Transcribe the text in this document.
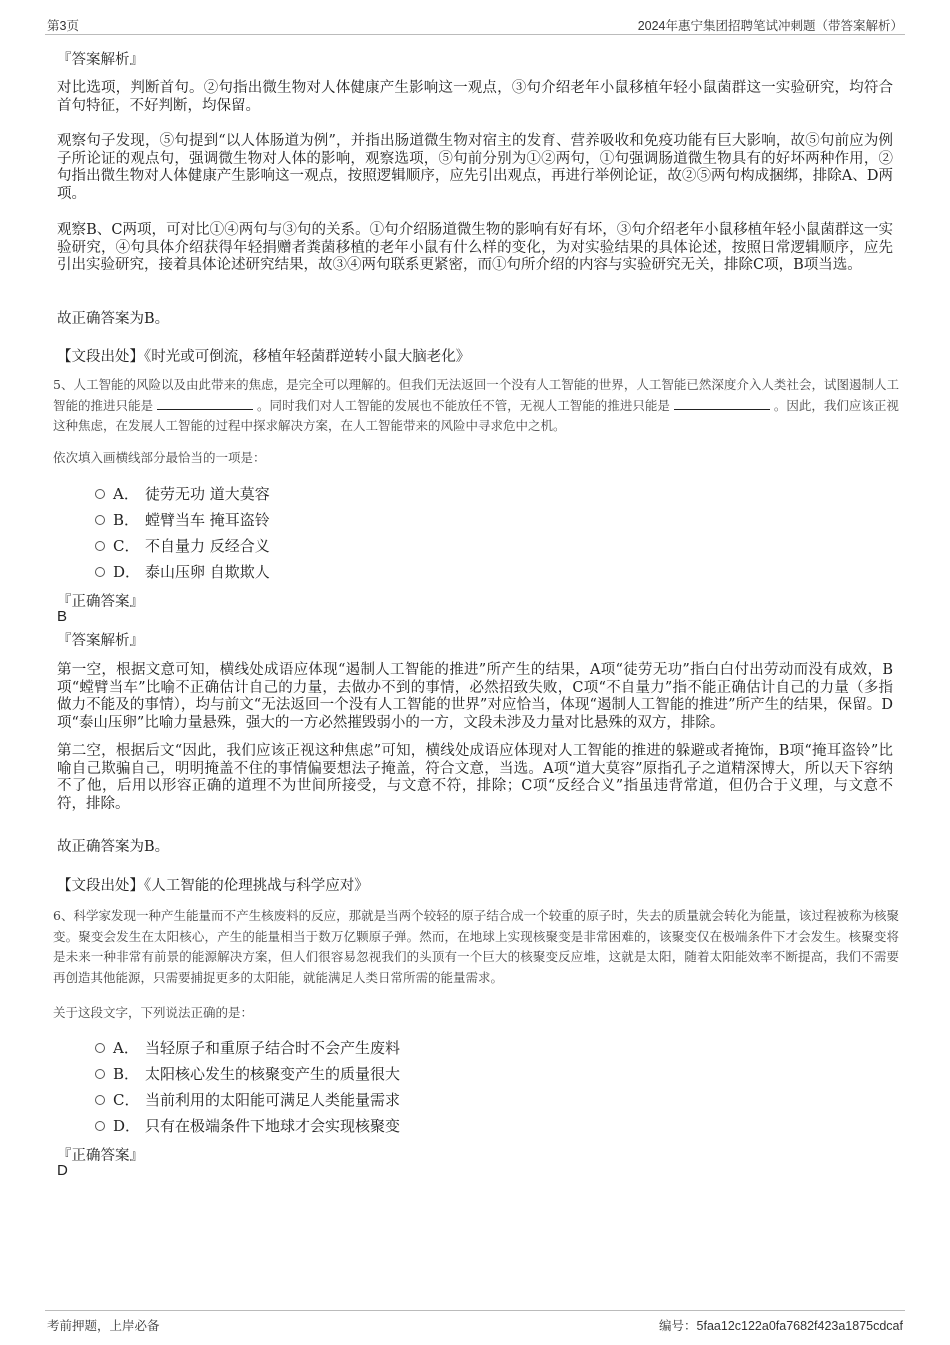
第3页	2024年惠宁集团招聘笔试冲刺题（带答案解析）
『答案解析』
对比选项，判断首句。②句指出微生物对人体健康产生影响这一观点，③句介绍老年小鼠移植年轻小鼠菌群这一实验研究，均符合首句特征，不好判断，均保留。
观察句子发现，⑤句提到“以人体肠道为例”，并指出肠道微生物对宿主的发育、营养吸收和免疫功能有巨大影响，故⑤句前应为例子所论证的观点句，强调微生物对人体的影响，观察选项，⑤句前分别为①②两句，①句强调肠道微生物具有的好坏两种作用，②句指出微生物对人体健康产生影响这一观点，按照逻辑顺序，应先引出观点，再进行举例论证，故②⑤两句构成捆绑，排除A、D两项。
观察B、C两项，可对比①④两句与③句的关系。①句介绍肠道微生物的影响有好有坏，③句介绍老年小鼠移植年轻小鼠菌群这一实验研究，④句具体介绍获得年轻捐赠者粪菌移植的老年小鼠有什么样的变化，为对实验结果的具体论述，按照日常逻辑顺序，应先引出实验研究，接着具体论述研究结果，故③④两句联系更紧密，而①句所介绍的内容与实验研究无关，排除C项，B项当选。
故正确答案为B。
【文段出处】《时光或可倒流，移植年轻菌群逆转小鼠大脑老化》
5、人工智能的风险以及由此带来的焦虑，是完全可以理解的。但我们无法返回一个没有人工智能的世界，人工智能已然深度介入人类社会，试图遏制人工智能的推进只能是	。同时我们对人工智能的发展也不能放任不管，无视人工智能的推进只能是	。因此，我们应该正视这种焦虑，在发展人工智能的过程中探求解决方案，在人工智能带来的风险中寻求危中之机。
依次填入画横线部分最恰当的一项是：
A． 徒劳无功 道大莫容
B． 螳臂当车 掩耳盗铃
C． 不自量力 反经合义
D． 泰山压卵 自欺欺人
『正确答案』
B
『答案解析』
第一空，根据文意可知，横线处成语应体现“遏制人工智能的推进”所产生的结果，A项“徒劳无功”指白白付出劳动而没有成效，B项“螳臂当车”比喻不正确估计自己的力量，去做办不到的事情，必然招致失败，C项“不自量力”指不能正确估计自己的力量（多指做力不能及的事情），均与前文“无法返回一个没有人工智能的世界”对应恰当，体现“遏制人工智能的推进”所产生的结果，保留。D项“泰山压卵”比喻力量悬殊，强大的一方必然摧毁弱小的一方，文段未涉及力量对比悬殊的双方，排除。
第二空，根据后文“因此，我们应该正视这种焦虑”可知，横线处成语应体现对人工智能的推进的躲避或者掩饰，B项“掩耳盗铃”比喻自己欺骗自己，明明掩盖不住的事情偏要想法子掩盖，符合文意，当选。A项“道大莫容”原指孔子之道精深博大，所以天下容纳不了他，后用以形容正确的道理不为世间所接受，与文意不符，排除；C项“反经合义”指虽违背常道，但仍合于义理，与文意不符，排除。
故正确答案为B。
【文段出处】《人工智能的伦理挑战与科学应对》
6、科学家发现一种产生能量而不产生核废料的反应，那就是当两个较轻的原子结合成一个较重的原子时，失去的质量就会转化为能量，该过程被称为核聚变。聚变会发生在太阳核心，产生的能量相当于数万亿颗原子弹。然而，在地球上实现核聚变是非常困难的，该聚变仅在极端条件下才会发生。核聚变将是未来一种非常有前景的能源解决方案，但人们很容易忽视我们的头顶有一个巨大的核聚变反应堆，这就是太阳，随着太阳能效率不断提高，我们不需要再创造其他能源，只需要捕捉更多的太阳能，就能满足人类日常所需的能量需求。
关于这段文字，下列说法正确的是：
A． 当轻原子和重原子结合时不会产生废料
B． 太阳核心发生的核聚变产生的质量很大
C． 当前利用的太阳能可满足人类能量需求
D． 只有在极端条件下地球才会实现核聚变
『正确答案』
D
考前押题，上岸必备	编号：5faa12c122a0fa7682f423a1875cdcaf
